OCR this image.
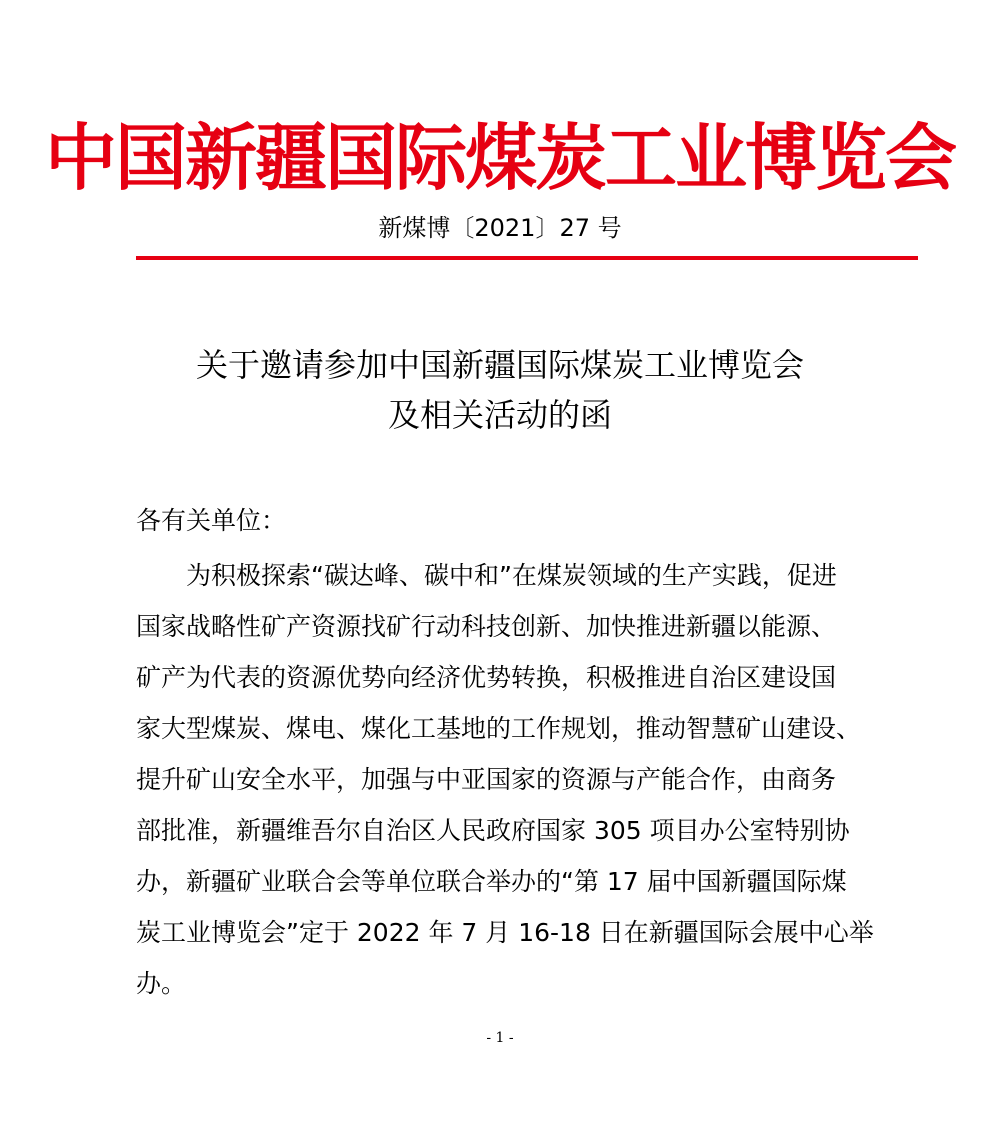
中国新疆国际煤炭工业博览会
新煤博〔2021〕27 号
关于邀请参加中国新疆国际煤炭工业博览会
及相关活动的函
各有关单位：
为积极探索“碳达峰、碳中和”在煤炭领域的生产实践，促进
国家战略性矿产资源找矿行动科技创新、加快推进新疆以能源、
矿产为代表的资源优势向经济优势转换，积极推进自治区建设国
家大型煤炭、煤电、煤化工基地的工作规划，推动智慧矿山建设、
提升矿山安全水平，加强与中亚国家的资源与产能合作，由商务
部批准，新疆维吾尔自治区人民政府国家 305 项目办公室特别协
办，新疆矿业联合会等单位联合举办的“第 17 届中国新疆国际煤
炭工业博览会”定于 2022 年 7 月 16-18 日在新疆国际会展中心举
办。
- 1 -
